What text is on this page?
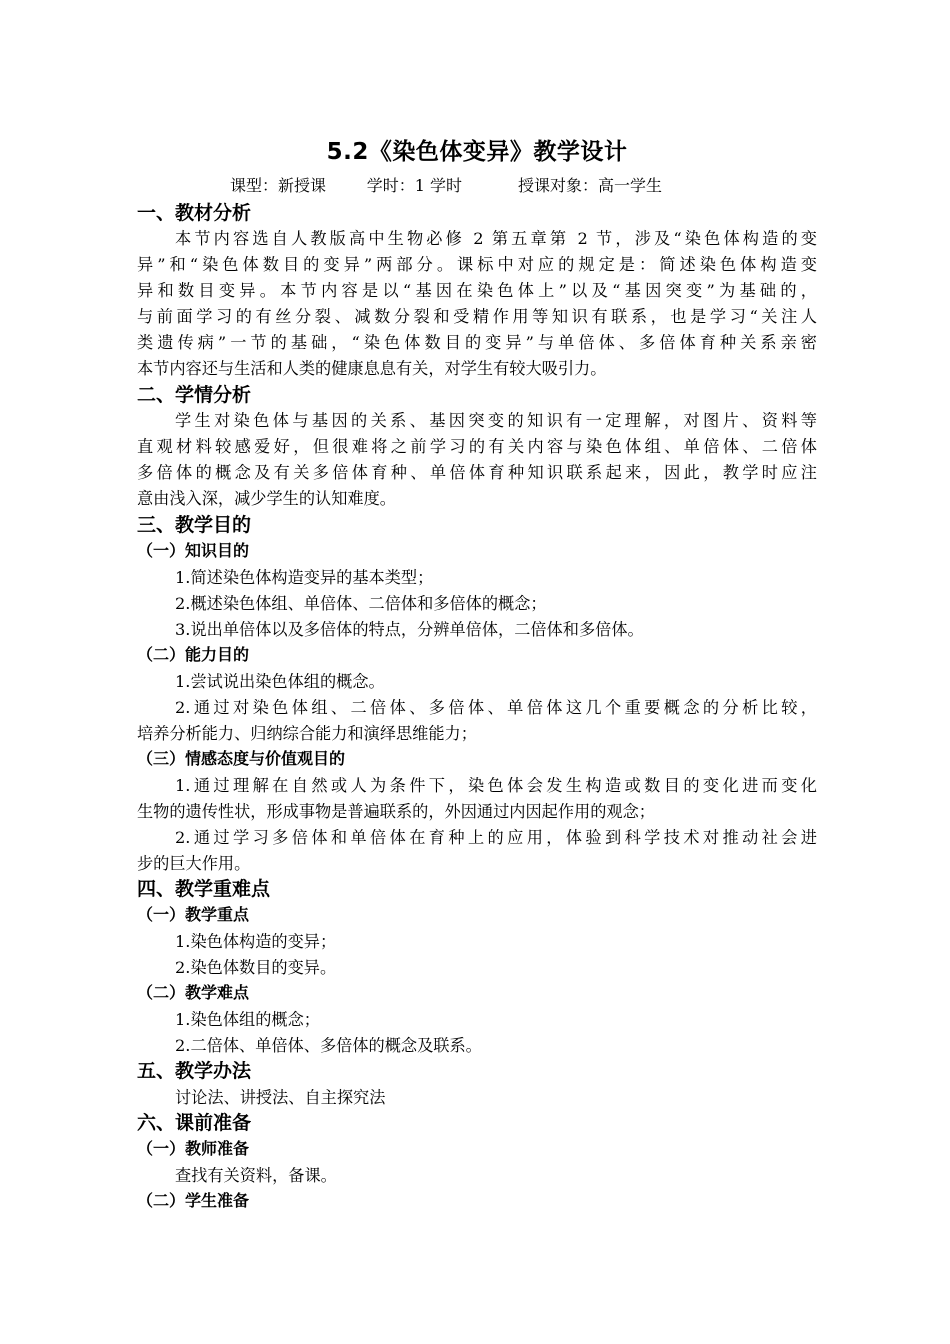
5.2《染色体变异》教学设计
课型：新授课	学时：1 学时	授课对象：高一学生
一、教材分析
本节内容选自人教版高中生物必修 2 第五章第 2 节，涉及“染色体构造的变
异”和“染色体数目的变异”两部分。课标中对应的规定是：简述染色体构造变
异和数目变异。本节内容是以“基因在染色体上”以及“基因突变”为基础的，
与前面学习的有丝分裂、减数分裂和受精作用等知识有联系，也是学习“关注人
类遗传病”一节的基础，“染色体数目的变异”与单倍体、多倍体育种关系亲密
本节内容还与生活和人类的健康息息有关，对学生有较大吸引力。
二、学情分析
学生对染色体与基因的关系、基因突变的知识有一定理解，对图片、资料等
直观材料较感爱好，但很难将之前学习的有关内容与染色体组、单倍体、二倍体
多倍体的概念及有关多倍体育种、单倍体育种知识联系起来，因此，教学时应注
意由浅入深，减少学生的认知难度。
三、教学目的
（一）知识目的
1.简述染色体构造变异的基本类型；
2.概述染色体组、单倍体、二倍体和多倍体的概念；
3.说出单倍体以及多倍体的特点，分辨单倍体，二倍体和多倍体。
（二）能力目的
1.尝试说出染色体组的概念。
2.通过对染色体组、二倍体、多倍体、单倍体这几个重要概念的分析比较，
培养分析能力、归纳综合能力和演绎思维能力；
（三）情感态度与价值观目的
1.通过理解在自然或人为条件下，染色体会发生构造或数目的变化进而变化
生物的遗传性状，形成事物是普遍联系的，外因通过内因起作用的观念；
2.通过学习多倍体和单倍体在育种上的应用，体验到科学技术对推动社会进
步的巨大作用。
四、教学重难点
（一）教学重点
1.染色体构造的变异；
2.染色体数目的变异。
（二）教学难点
1.染色体组的概念；
2.二倍体、单倍体、多倍体的概念及联系。
五、教学办法
讨论法、讲授法、自主探究法
六、课前准备
（一）教师准备
查找有关资料，备课。
（二）学生准备
